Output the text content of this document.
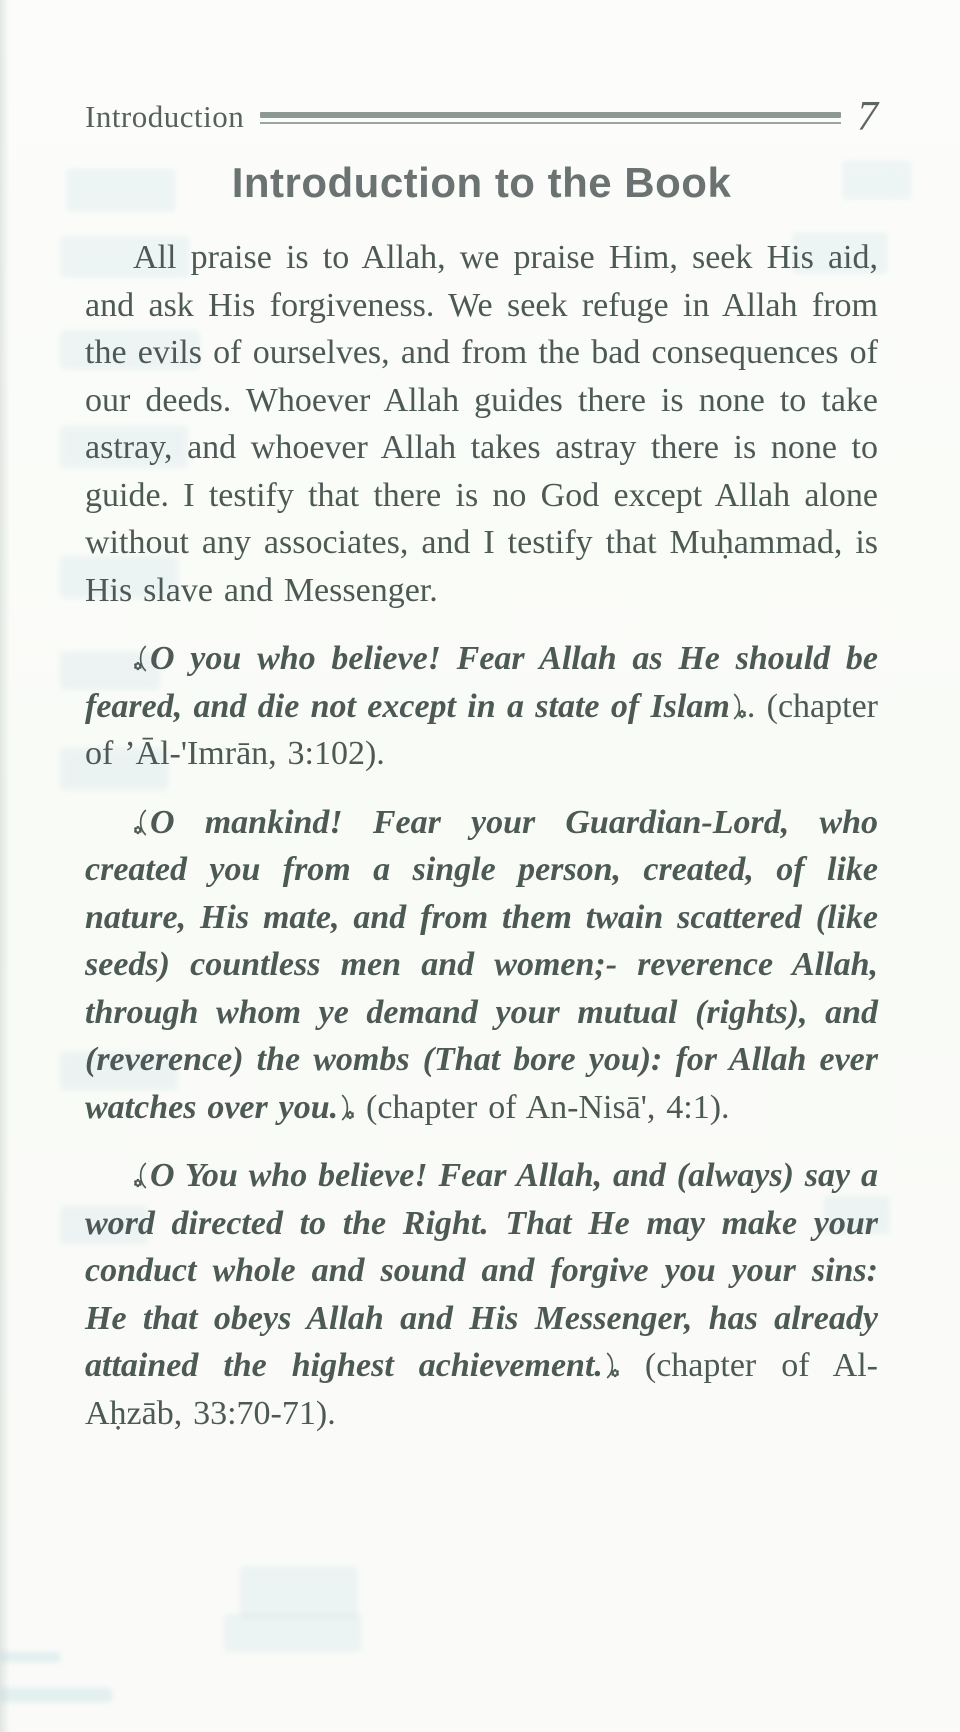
Introduction	7
Introduction to the Book

All praise is to Allah, we praise Him, seek His aid, and ask His forgiveness. We seek refuge in Allah from the evils of ourselves, and from the bad consequences of our deeds. Whoever Allah guides there is none to take astray, and whoever Allah takes astray there is none to guide. I testify that there is no God except Allah alone without any associates, and I testify that Muḥammad, is His slave and Messenger.

O you who believe! Fear Allah as He should be feared, and die not except in a state of Islam . (chapter of ’Āl-'Imrān, 3:102).

O mankind! Fear your Guardian-Lord, who created you from a single person, created, of like nature, His mate, and from them twain scattered (like seeds) countless men and women;- reverence Allah, through whom ye demand your mutual (rights), and (reverence) the wombs (That bore you): for Allah ever watches over you. (chapter of An-Nisā', 4:1).

O You who believe! Fear Allah, and (always) say a word directed to the Right. That He may make your conduct whole and sound and forgive you your sins: He that obeys Allah and His Messenger, has already attained the highest achievement. (chapter of Al-Aḥzāb, 33:70-71).
